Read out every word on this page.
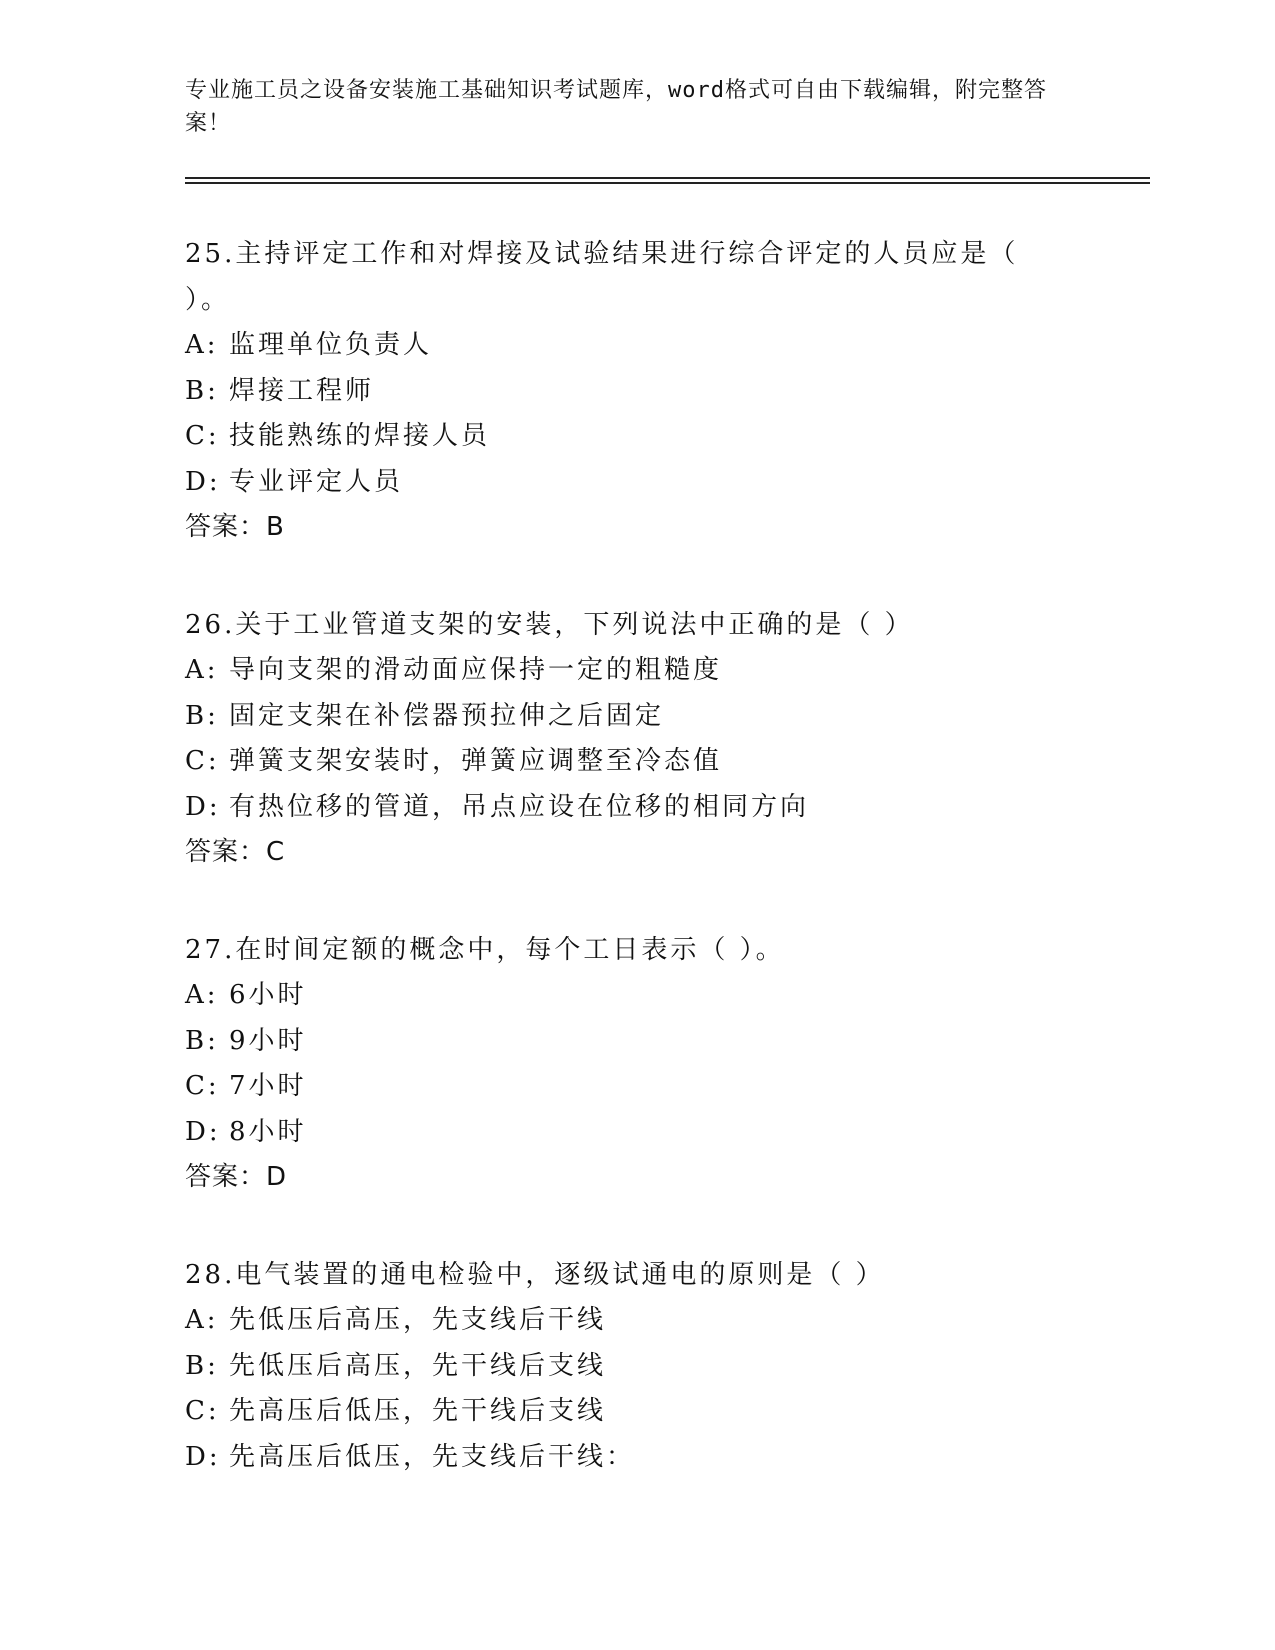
专业施工员之设备安装施工基础知识考试题库，word格式可自由下载编辑，附完整答案！
25.主持评定工作和对焊接及试验结果进行综合评定的人员应是（ ）。
A: 监理单位负责人
B: 焊接工程师
C: 技能熟练的焊接人员
D: 专业评定人员
答案：B
26.关于工业管道支架的安装，下列说法中正确的是（ ）
A: 导向支架的滑动面应保持一定的粗糙度
B: 固定支架在补偿器预拉伸之后固定
C: 弹簧支架安装时，弹簧应调整至冷态值
D: 有热位移的管道，吊点应设在位移的相同方向
答案：C
27.在时间定额的概念中，每个工日表示（ ）。
A: 6小时
B: 9小时
C: 7小时
D: 8小时
答案：D
28.电气装置的通电检验中，逐级试通电的原则是（ ）
A: 先低压后高压，先支线后干线
B: 先低压后高压，先干线后支线
C: 先高压后低压，先干线后支线
D: 先高压后低压，先支线后干线：
